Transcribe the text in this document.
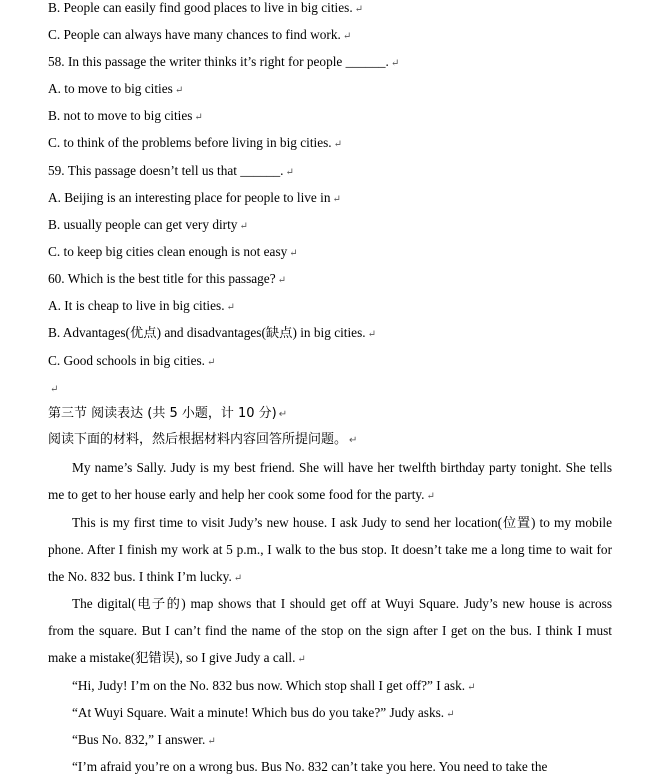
B. People can easily find good places to live in big cities. ↵
C. People can always have many chances to find work. ↵
58. In this passage the writer thinks it’s right for people ______. ↵
A. to move to big cities ↵
B. not to move to big cities ↵
C. to think of the problems before living in big cities. ↵
59. This passage doesn’t tell us that ______. ↵
A. Beijing is an interesting place for people to live in ↵
B. usually people can get very dirty ↵
C. to keep big cities clean enough is not easy ↵
60. Which is the best title for this passage? ↵
A. It is cheap to live in big cities. ↵
B. Advantages(优点) and disadvantages(缺点) in big cities. ↵
C. Good schools in big cities. ↵
↵
第三节 阅读表达 (共 5 小题，计 10 分) ↵
阅读下面的材料，然后根据材料内容回答所提问题。 ↵
My name’s Sally. Judy is my best friend. She will have her twelfth birthday party tonight. She tells me to get to her house early and help her cook some food for the party. ↵
This is my first time to visit Judy’s new house. I ask Judy to send her location(位置) to my mobile phone. After I finish my work at 5 p.m., I walk to the bus stop. It doesn’t take me a long time to wait for the No. 832 bus. I think I’m lucky. ↵
The digital(电子的) map shows that I should get off at Wuyi Square. Judy’s new house is across from the square. But I can’t find the name of the stop on the sign after I get on the bus. I think I must make a mistake(犯错误), so I give Judy a call. ↵
“Hi, Judy! I’m on the No. 832 bus now. Which stop shall I get off?” I ask. ↵
“At Wuyi Square. Wait a minute! Which bus do you take?” Judy asks. ↵
“Bus No. 832,” I answer. ↵
“I’m afraid you’re on a wrong bus. Bus No. 832 can’t take you here. You need to take the
